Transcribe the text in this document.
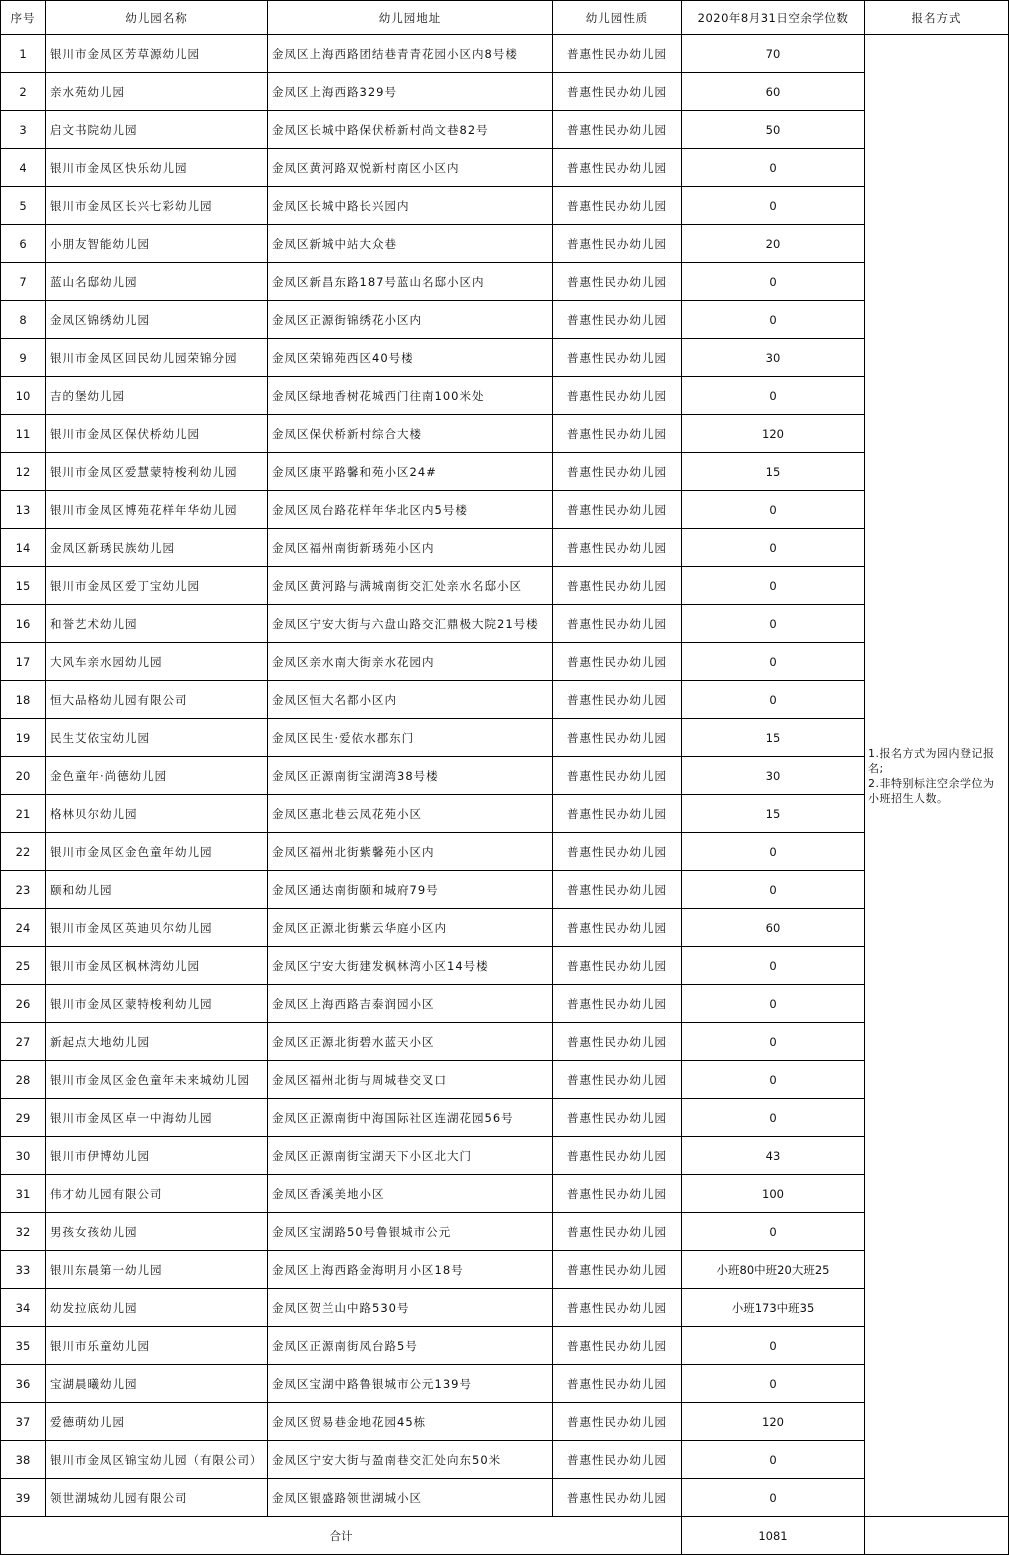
序号	幼儿园名称	幼儿园地址	幼儿园性质	2020年8月31日空余学位数	报名方式
1	银川市金凤区芳草源幼儿园	金凤区上海西路团结巷青青花园小区内8号楼	普惠性民办幼儿园	70	1.报名方式为园内登记报名;
2.非特别标注空余学位为小班招生人数。

2	亲水苑幼儿园	金凤区上海西路329号	普惠性民办幼儿园	60	
3	启文书院幼儿园	金凤区长城中路保伏桥新村尚文巷82号	普惠性民办幼儿园	50	
4	银川市金凤区快乐幼儿园	金凤区黄河路双悦新村南区小区内	普惠性民办幼儿园	0	
5	银川市金凤区长兴七彩幼儿园	金凤区长城中路长兴园内	普惠性民办幼儿园	0	
6	小朋友智能幼儿园	金凤区新城中站大众巷	普惠性民办幼儿园	20	
7	蓝山名邸幼儿园	金凤区新昌东路187号蓝山名邸小区内	普惠性民办幼儿园	0	
8	金凤区锦绣幼儿园	金凤区正源街锦绣花小区内	普惠性民办幼儿园	0	
9	银川市金凤区回民幼儿园荣锦分园	金凤区荣锦苑西区40号楼	普惠性民办幼儿园	30	
10	吉的堡幼儿园	金凤区绿地香树花城西门往南100米处	普惠性民办幼儿园	0	
11	银川市金凤区保伏桥幼儿园	金凤区保伏桥新村综合大楼	普惠性民办幼儿园	120	
12	银川市金凤区爱慧蒙特梭利幼儿园	金凤区康平路馨和苑小区24#	普惠性民办幼儿园	15	
13	银川市金凤区博苑花样年华幼儿园	金凤区凤台路花样年华北区内5号楼	普惠性民办幼儿园	0	
14	金凤区新琇民族幼儿园	金凤区福州南街新琇苑小区内	普惠性民办幼儿园	0	
15	银川市金凤区爱丁宝幼儿园	金凤区黄河路与满城南街交汇处亲水名邸小区	普惠性民办幼儿园	0	
16	和誉艺术幼儿园	金凤区宁安大街与六盘山路交汇鼎极大院21号楼	普惠性民办幼儿园	0	
17	大风车亲水园幼儿园	金凤区亲水南大街亲水花园内	普惠性民办幼儿园	0	
18	恒大品格幼儿园有限公司	金凤区恒大名都小区内	普惠性民办幼儿园	0	
19	民生艾依宝幼儿园	金凤区民生·爱依水郡东门	普惠性民办幼儿园	15	
20	金色童年·尚德幼儿园	金凤区正源南街宝湖湾38号楼	普惠性民办幼儿园	30	
21	格林贝尔幼儿园	金凤区惠北巷云凤花苑小区	普惠性民办幼儿园	15	
22	银川市金凤区金色童年幼儿园	金凤区福州北街紫馨苑小区内	普惠性民办幼儿园	0	
23	颐和幼儿园	金凤区通达南街颐和城府79号	普惠性民办幼儿园	0	
24	银川市金凤区英迪贝尔幼儿园	金凤区正源北街紫云华庭小区内	普惠性民办幼儿园	60	
25	银川市金凤区枫林湾幼儿园	金凤区宁安大街建发枫林湾小区14号楼	普惠性民办幼儿园	0	
26	银川市金凤区蒙特梭利幼儿园	金凤区上海西路吉泰润园小区	普惠性民办幼儿园	0	
27	新起点大地幼儿园	金凤区正源北街碧水蓝天小区	普惠性民办幼儿园	0	
28	银川市金凤区金色童年未来城幼儿园	金凤区福州北街与周城巷交叉口	普惠性民办幼儿园	0	
29	银川市金凤区卓一中海幼儿园	金凤区正源南街中海国际社区连湖花园56号	普惠性民办幼儿园	0	
30	银川市伊博幼儿园	金凤区正源南街宝湖天下小区北大门	普惠性民办幼儿园	43	
31	伟才幼儿园有限公司	金凤区香溪美地小区	普惠性民办幼儿园	100	
32	男孩女孩幼儿园	金凤区宝湖路50号鲁银城市公元	普惠性民办幼儿园	0	
33	银川东晨第一幼儿园	金凤区上海西路金海明月小区18号	普惠性民办幼儿园	小班80中班20大班25	
34	幼发拉底幼儿园	金凤区贺兰山中路530号	普惠性民办幼儿园	小班173中班35	
35	银川市乐童幼儿园	金凤区正源南街凤台路5号	普惠性民办幼儿园	0	
36	宝湖晨曦幼儿园	金凤区宝湖中路鲁银城市公元139号	普惠性民办幼儿园	0	
37	爱德萌幼儿园	金凤区贸易巷金地花园45栋	普惠性民办幼儿园	120	
38	银川市金凤区锦宝幼儿园（有限公司）	金凤区宁安大街与盈南巷交汇处向东50米	普惠性民办幼儿园	0	
39	领世湖城幼儿园有限公司	金凤区银盛路领世湖城小区	普惠性民办幼儿园	0	
合计				1081	
